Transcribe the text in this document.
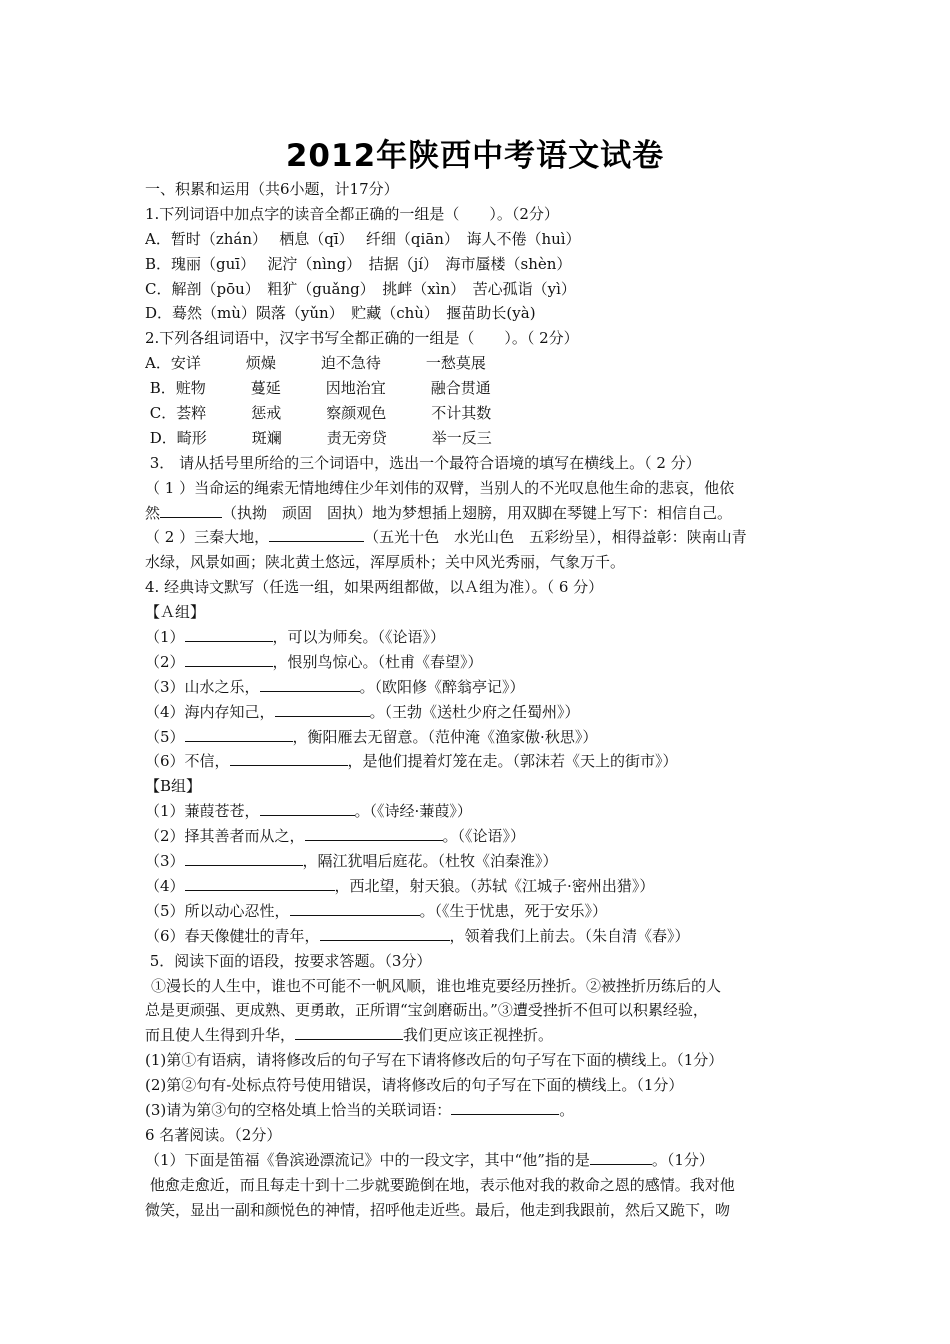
2012年陕西中考语文试卷
一、积累和运用（共6小题，计17分）
1.下列词语中加点字的读音全都正确的一组是（　　）。（2分）
A．暂时（zhán）　 栖息（qī）　 纤细（qiān）　诲人不倦（huì）
B．瑰丽（guī）　 泥泞（nìng）　拮据（jí）　海市蜃楼（shèn）
C．解剖（pōu）　粗犷（guǎng）　挑衅（xìn）　苦心孤诣（yì）
D．蓦然（mù）陨落（yǔn）　贮藏（chù）　揠苗助长(yà)
2.下列各组词语中，汉字书写全都正确的一组是（　　）。（ 2分）
A．安详　　　烦燥　　　迫不急待　　　一愁莫展
B．赃物　　　蔓延　　　因地治宜　　　融合贯通
C．荟粹　　　惩戒　　　察颜观色　　　不计其数
D．畸形　　　斑斓　　　责无旁贷　　　举一反三
3． 请从括号里所给的三个词语中，选出一个最符合语境的填写在横线上。（ 2 分）
（ 1 ）当命运的绳索无情地缚住少年刘伟的双臂，当别人的不光叹息他生命的悲哀，他依
然	（执拗　顽固　固执）地为梦想插上翅膀，用双脚在琴键上写下：相信自己。
（ 2 ）三秦大地，	（五光十色　水光山色　五彩纷呈），相得益彰：陕南山青
水绿，风景如画；陕北黄土悠远，浑厚质朴；关中风光秀丽，气象万千。
4. 经典诗文默写（任选一组，如果两组都做，以Ａ组为准）。（ 6 分）
【Ａ组】
（1）	，可以为师矣。（《论语》）
（2）	，恨别鸟惊心。（杜甫《春望》）
（3）山水之乐，	。（欧阳修《醉翁亭记》）
（4）海内存知己，	。（王勃《送杜少府之任蜀州》）
（5）	，衡阳雁去无留意。（范仲淹《渔家傲·秋思》）
（6）不信，	，是他们提着灯笼在走。（郭沫若《天上的街市》）
【B组】
（1）蒹葭苍苍，	。（《诗经·蒹葭》）
（2）择其善者而从之，	。（《论语》）
（3）	，隔江犹唱后庭花。（杜牧《泊秦淮》）
（4）	，西北望，射天狼。（苏轼《江城子·密州出猎》）
（5）所以动心忍性，	。（《生于忧患，死于安乐》）
（6）春天像健壮的青年，	，领着我们上前去。（朱自清《春》）
5．阅读下面的语段，按要求答题。（3分）
①漫长的人生中，谁也不可能不一帆风顺，谁也堆克要经历挫折。②被挫折历练后的人
总是更顽强、更成熟、更勇敢，正所谓“宝剑磨砺出。”③遭受挫折不但可以积累经验，
而且使人生得到升华，	我们更应该正视挫折。
(1)第①有语病，请将修改后的句子写在下请将修改后的句子写在下面的横线上。（1分）
(2)第②句有-处标点符号使用错误，请将修改后的句子写在下面的横线上。（1分）
(3)请为第③句的空格处填上恰当的关联词语：	。
6 名著阅读。（2分）
（1）下面是笛福《鲁滨逊漂流记》中的一段文字，其中“他”指的是	。（1分）
他愈走愈近，而且每走十到十二步就要跪倒在地，表示他对我的救命之恩的感情。我对他
微笑，显出一副和颜悦色的神情，招呼他走近些。最后，他走到我跟前，然后又跪下，吻
